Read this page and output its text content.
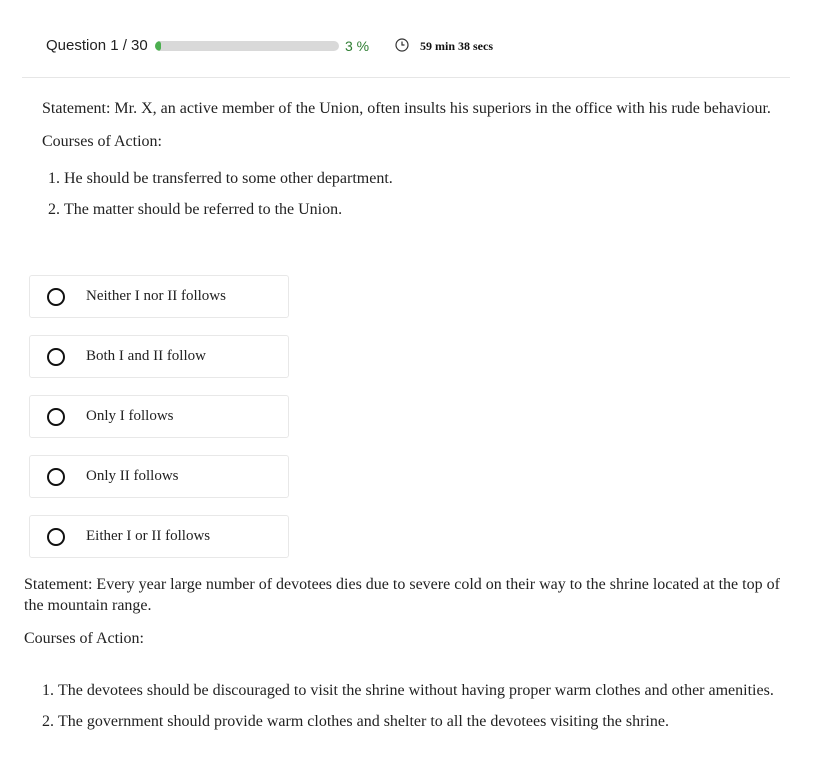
Question 1 / 30	3 %	59 min 38 secs

Statement: Mr. X, an active member of the Union, often insults his superiors in the office with his rude behaviour.

Courses of Action:

1. He should be transferred to some other department.
2. The matter should be referred to the Union.
Neither I nor II follows
Both I and II follow
Only I follows
Only II follows
Either I or II follows

Statement: Every year large number of devotees dies due to severe cold on their way to the shrine located at the top of the mountain range.

Courses of Action:

1. The devotees should be discouraged to visit the shrine without having proper warm clothes and other amenities.
2. The government should provide warm clothes and shelter to all the devotees visiting the shrine.
